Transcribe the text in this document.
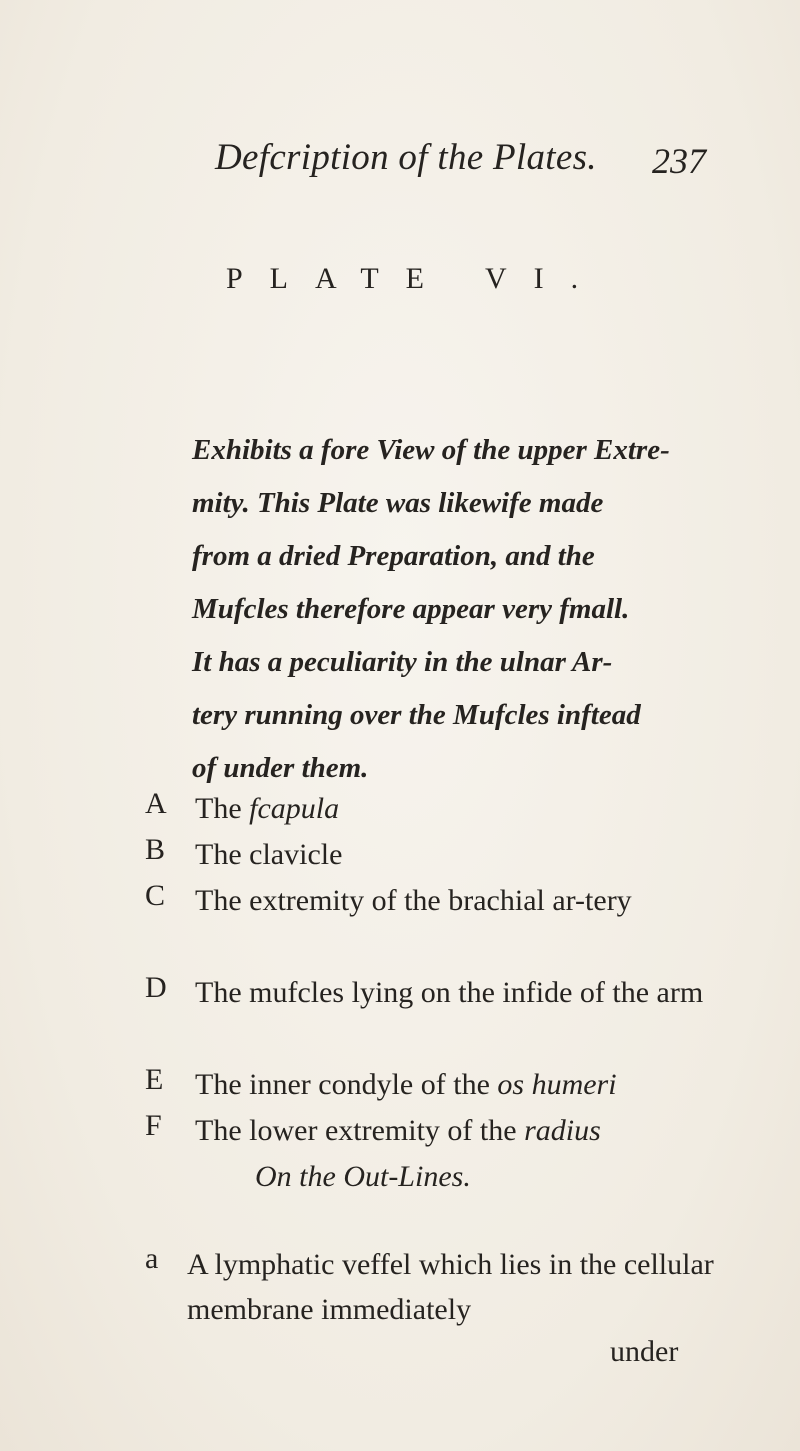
Defcription of the Plates. 237
PLATE VI.
Exhibits a fore View of the upper Extre-
mity. This Plate was likewife made
from a dried Preparation, and the
Mufcles therefore appear very fmall.
It has a peculiarity in the ulnar Ar-
tery running over the Mufcles inftead
of under them.
A The fcapula
B The clavicle
C The extremity of the brachial ar-tery
D The mufcles lying on the infide of the arm
E	The inner condyle of the os humeri
F	The lower extremity of the radius
On the Out-Lines.
a A lymphatic veffel which lies in the cellular membrane immediately
under
